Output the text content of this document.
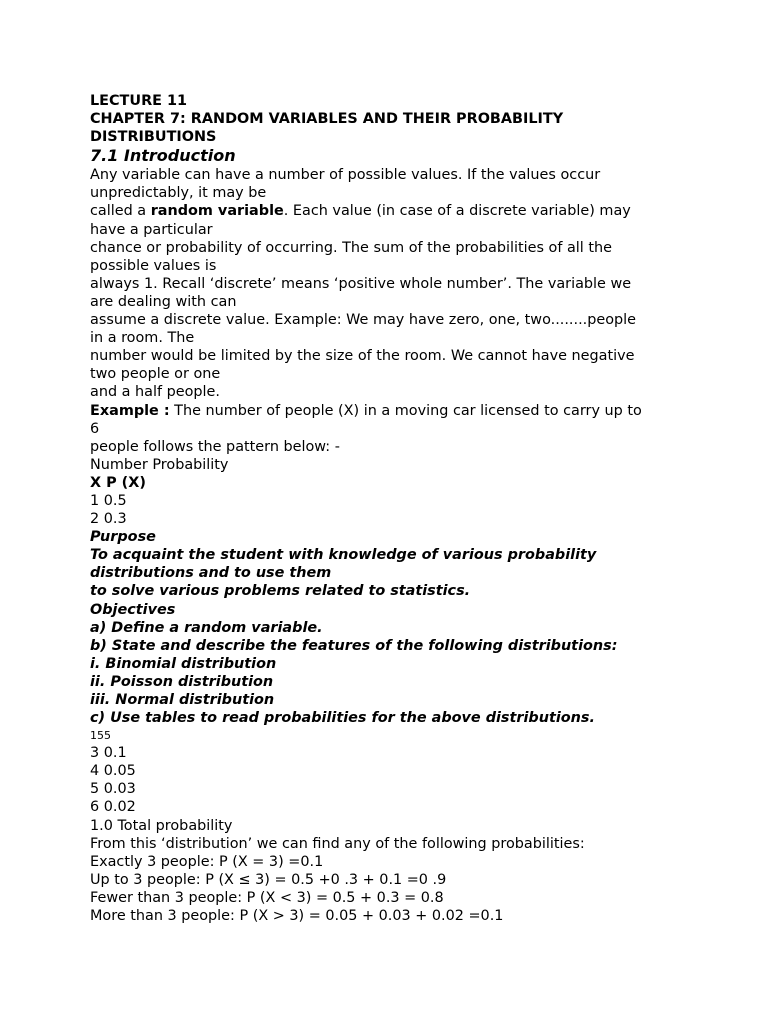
LECTURE 11
CHAPTER 7: RANDOM VARIABLES AND THEIR PROBABILITY
DISTRIBUTIONS
7.1 Introduction
Any variable can have a number of possible values. If the values occur
unpredictably, it may be
called a random variable. Each value (in case of a discrete variable) may
have a particular
chance or probability of occurring. The sum of the probabilities of all the
possible values is
always 1. Recall ‘discrete’ means ‘positive whole number’. The variable we
are dealing with can
assume a discrete value. Example: We may have zero, one, two........people
in a room. The
number would be limited by the size of the room. We cannot have negative
two people or one
and a half people.
Example : The number of people (X) in a moving car licensed to carry up to
6
people follows the pattern below: -
Number Probability
X P (X)
1 0.5
2 0.3
Purpose
To acquaint the student with knowledge of various probability
distributions and to use them
to solve various problems related to statistics.
Objectives
a) Define a random variable.
b) State and describe the features of the following distributions:
i. Binomial distribution
ii. Poisson distribution
iii. Normal distribution
c) Use tables to read probabilities for the above distributions.
155
3 0.1
4 0.05
5 0.03
6 0.02
1.0 Total probability
From this ‘distribution’ we can find any of the following probabilities:
Exactly 3 people: P (X = 3) =0.1
Up to 3 people: P (X ≤ 3) = 0.5 +0 .3 + 0.1 =0 .9
Fewer than 3 people: P (X < 3) = 0.5 + 0.3 = 0.8
More than 3 people: P (X > 3) = 0.05 + 0.03 + 0.02 =0.1
